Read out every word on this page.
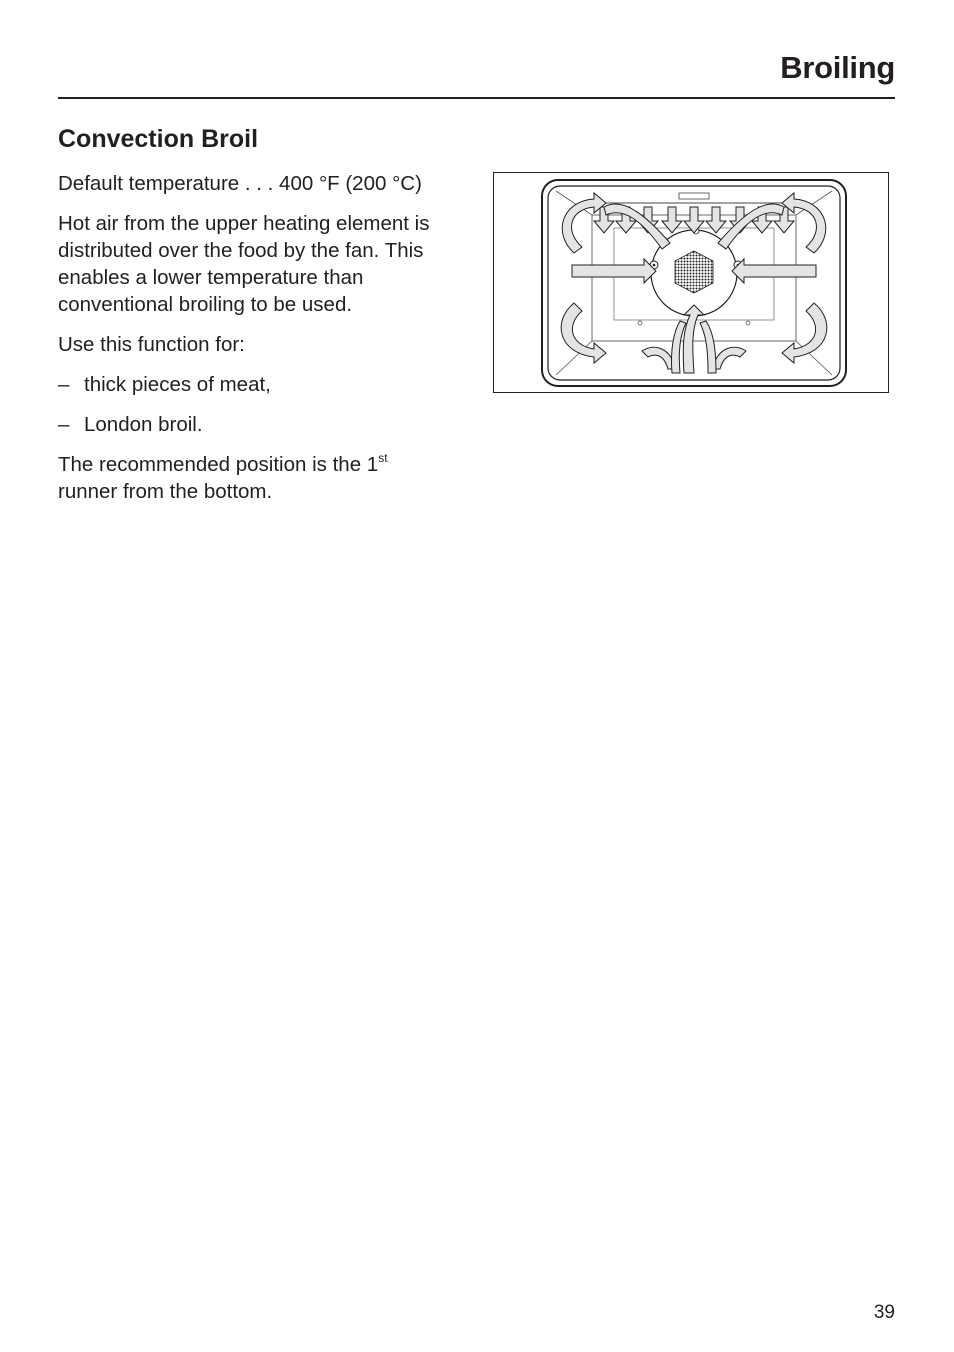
Broiling
Convection Broil

Default temperature . . . 400 °F (200 °C)

Hot air from the upper heating element is distributed over the food by the fan. This enables a lower temperature than conventional broiling to be used.

Use this function for:

– thick pieces of meat,
– London broil.

The recommended position is the 1st
runner from the bottom.

39
